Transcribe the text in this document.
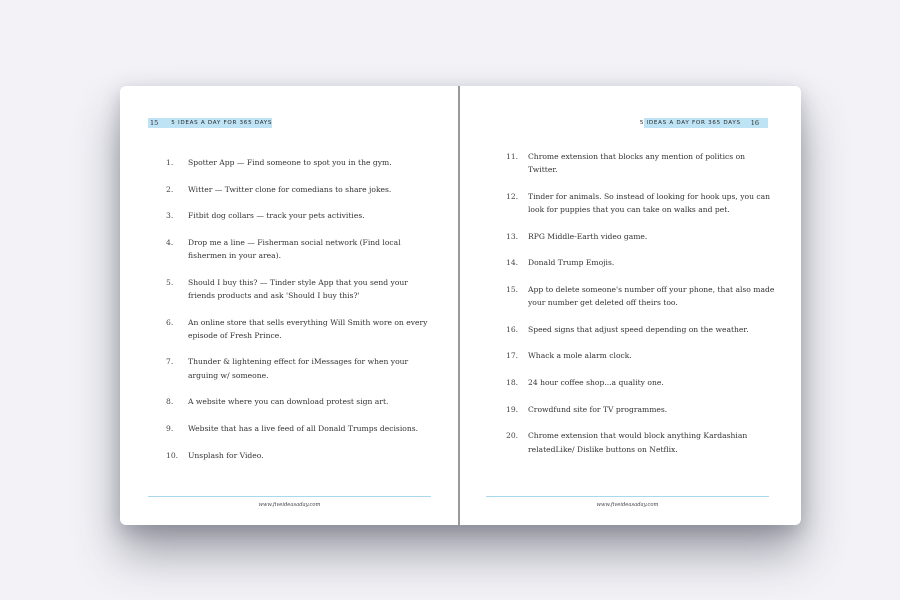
15 5 IDEAS A DAY FOR 365 DAYS
1.	Spotter App — Find someone to spot you in the gym.
2.	Witter — Twitter clone for comedians to share jokes.
3.	Fitbit dog collars — track your pets activities.
4.	Drop me a line — Fisherman social network (Find local fishermen in your area).
5.	Should I buy this? — Tinder style App that you send your friends products and ask 'Should I buy this?'
6.	An online store that sells everything Will Smith wore on every episode of Fresh Prince.
7.	Thunder & lightening effect for iMessages for when your arguing w/ someone.
8.	A website where you can download protest sign art.
9.	Website that has a live feed of all Donald Trumps decisions.
10.	Unsplash for Video.
www.fiveideasaday.com
5 IDEAS A DAY FOR 365 DAYS 16
11.	Chrome extension that blocks any mention of politics on Twitter.
12.	Tinder for animals. So instead of looking for hook ups, you can look for puppies that you can take on walks and pet.
13.	RPG Middle-Earth video game.
14.	Donald Trump Emojis.
15.	App to delete someone's number off your phone, that also made your number get deleted off theirs too.
16.	Speed signs that adjust speed depending on the weather.
17.	Whack a mole alarm clock.
18.	24 hour coffee shop...a quality one.
19.	Crowdfund site for TV programmes.
20.	Chrome extension that would block anything Kardashian relatedLike/ Dislike buttons on Netflix.
www.fiveideasaday.com
